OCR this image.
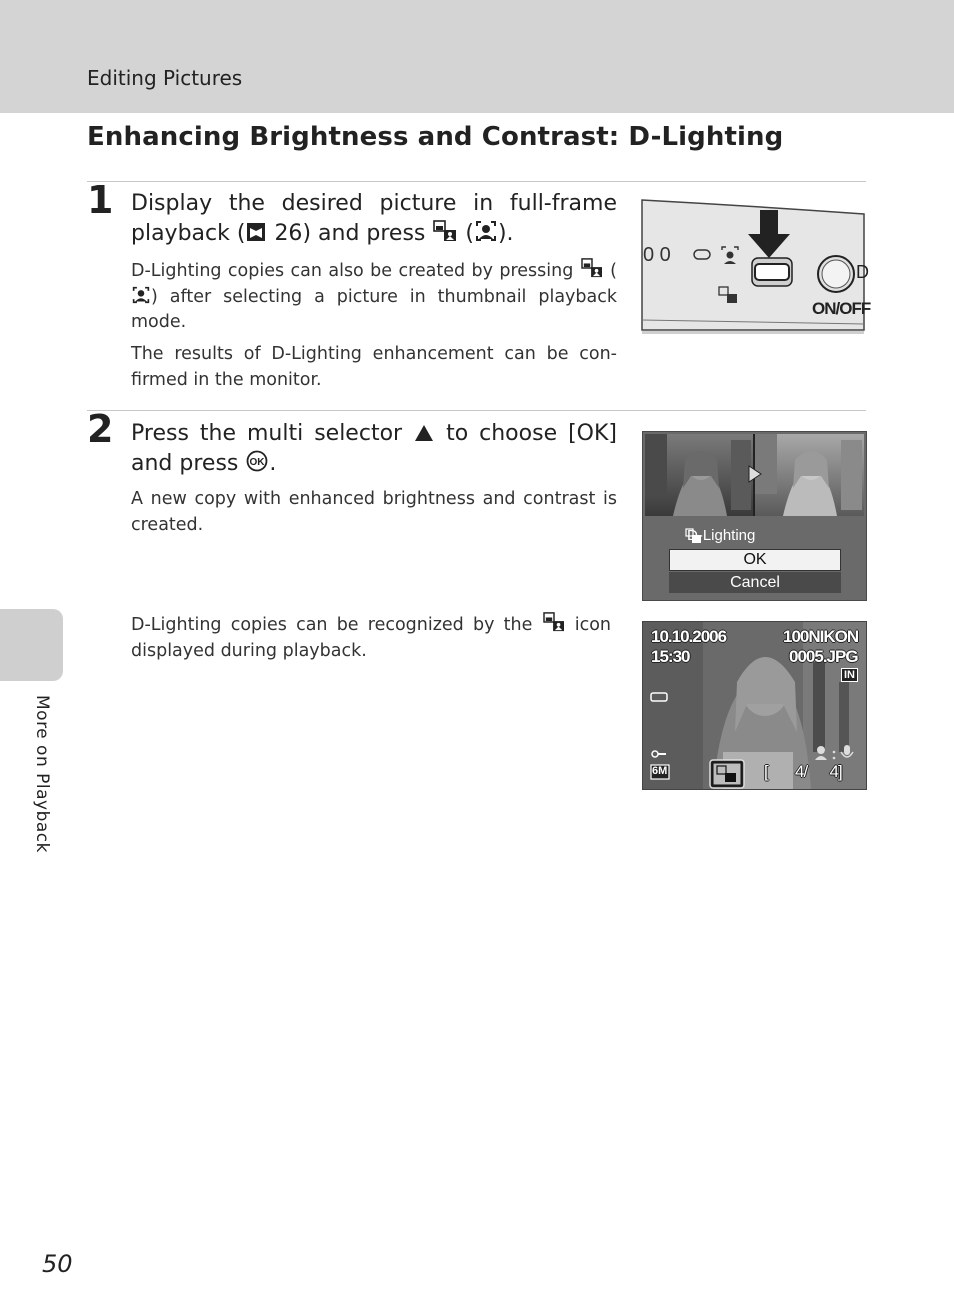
Editing Pictures
Enhancing Brightness and Contrast: D-Lighting
1 Display the desired picture in full-frame playback ( 26) and press
( ).
D-Lighting copies can also be created by pressing
(
) after selecting a picture in thumbnail playback mode.
The results of D-Lighting enhancement can be con-firmed in the monitor.
0 0
D
ON/OFF
2 Press the multi selector
to choose [OK] and press OK .
A new copy with enhanced brightness and contrast is created.
D-Lighting
OK
Cancel
D-Lighting copies can be recognized by the
icon displayed during playback.
10.10.2006
15:30
100NIKON
0005.JPG
IN
6M	[ 4/      4]
More on Playback
50
